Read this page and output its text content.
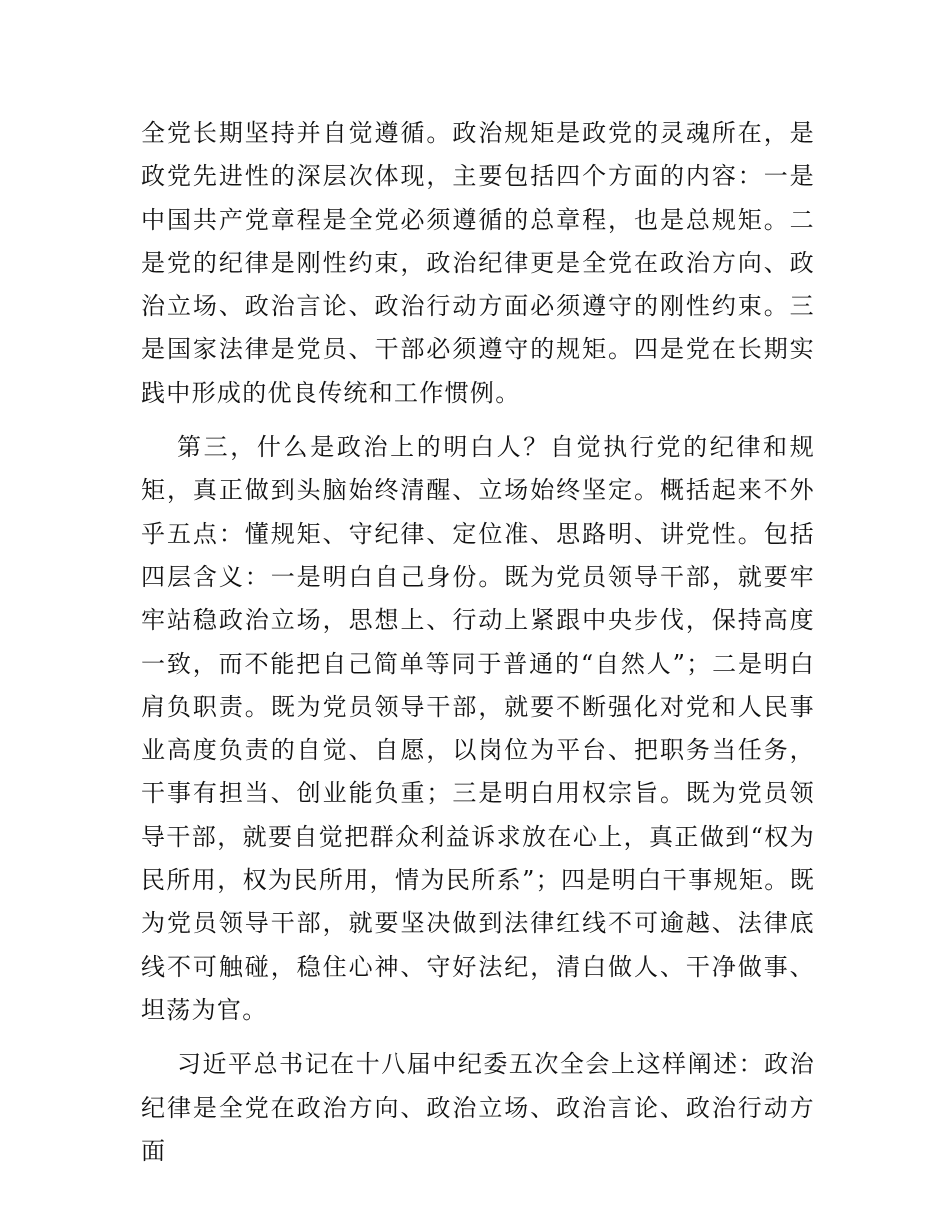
全党长期坚持并自觉遵循。政治规矩是政党的灵魂所在，是政党先进性的深层次体现，主要包括四个方面的内容：一是中国共产党章程是全党必须遵循的总章程，也是总规矩。二是党的纪律是刚性约束，政治纪律更是全党在政治方向、政治立场、政治言论、政治行动方面必须遵守的刚性约束。三是国家法律是党员、干部必须遵守的规矩。四是党在长期实践中形成的优良传统和工作惯例。

第三，什么是政治上的明白人？自觉执行党的纪律和规矩，真正做到头脑始终清醒、立场始终坚定。概括起来不外乎五点：懂规矩、守纪律、定位准、思路明、讲党性。包括四层含义：一是明白自己身份。既为党员领导干部，就要牢牢站稳政治立场，思想上、行动上紧跟中央步伐，保持高度一致，而不能把自己简单等同于普通的“自然人”；二是明白肩负职责。既为党员领导干部，就要不断强化对党和人民事业高度负责的自觉、自愿，以岗位为平台、把职务当任务，干事有担当、创业能负重；三是明白用权宗旨。既为党员领导干部，就要自觉把群众利益诉求放在心上，真正做到“权为民所用，权为民所用，情为民所系”；四是明白干事规矩。既为党员领导干部，就要坚决做到法律红线不可逾越、法律底线不可触碰，稳住心神、守好法纪，清白做人、干净做事、坦荡为官。

习近平总书记在十八届中纪委五次全会上这样阐述：政治纪律是全党在政治方向、政治立场、政治言论、政治行动方面
